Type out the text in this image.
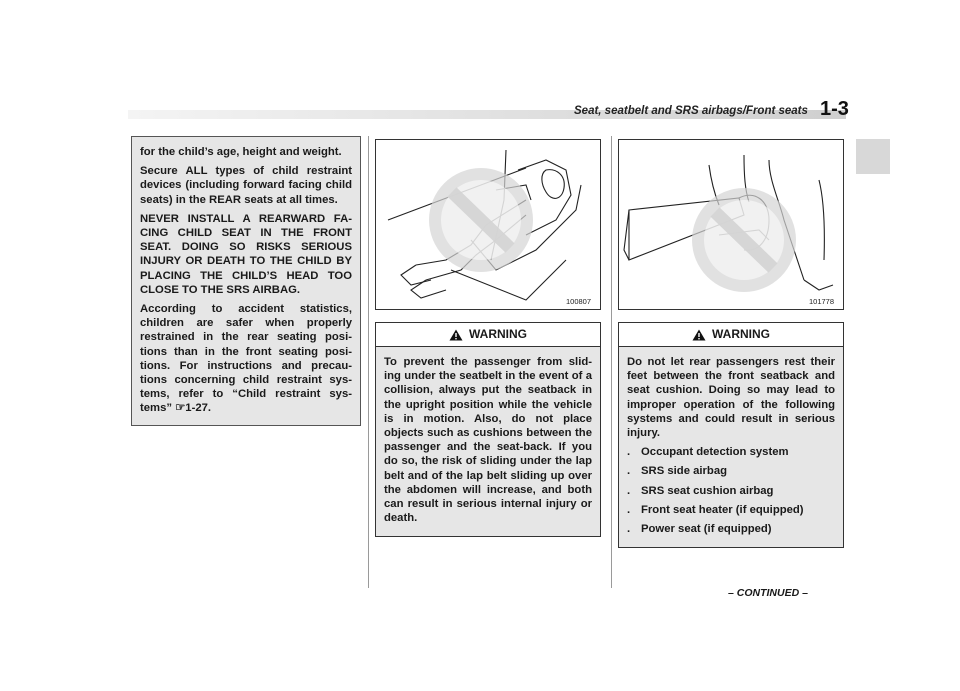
Seat, seatbelt and SRS airbags/Front seats 1-3

for the child’s age, height and weight.

Secure ALL types of child restraint devices (including forward facing child seats) in the REAR seats at all times.

NEVER INSTALL A REARWARD FA-CING CHILD SEAT IN THE FRONT SEAT. DOING SO RISKS SERIOUS INJURY OR DEATH TO THE CHILD BY PLACING THE CHILD’S HEAD TOO CLOSE TO THE SRS AIRBAG.

According to accident statistics, children are safer when properly restrained in the rear seating posi-tions than in the front seating posi-tions. For instructions and precau-tions concerning child restraint sys-tems, refer to “Child restraint sys-tems” ☞1-27.

100807	101778
WARNING

To prevent the passenger from slid-ing under the seatbelt in the event of a collision, always put the seatback in the upright position while the vehicle is in motion. Also, do not place objects such as cushions between the passenger and the seat-back. If you do so, the risk of sliding under the lap belt and of the lap belt sliding up over the abdomen will increase, and both can result in serious internal injury or death.

WARNING

Do not let rear passengers rest their feet between the front seatback and seat cushion. Doing so may lead to improper operation of the following systems and could result in serious injury.

. Occupant detection system
. SRS side airbag
. SRS seat cushion airbag
. Front seat heater (if equipped)
. Power seat (if equipped)
– CONTINUED –
